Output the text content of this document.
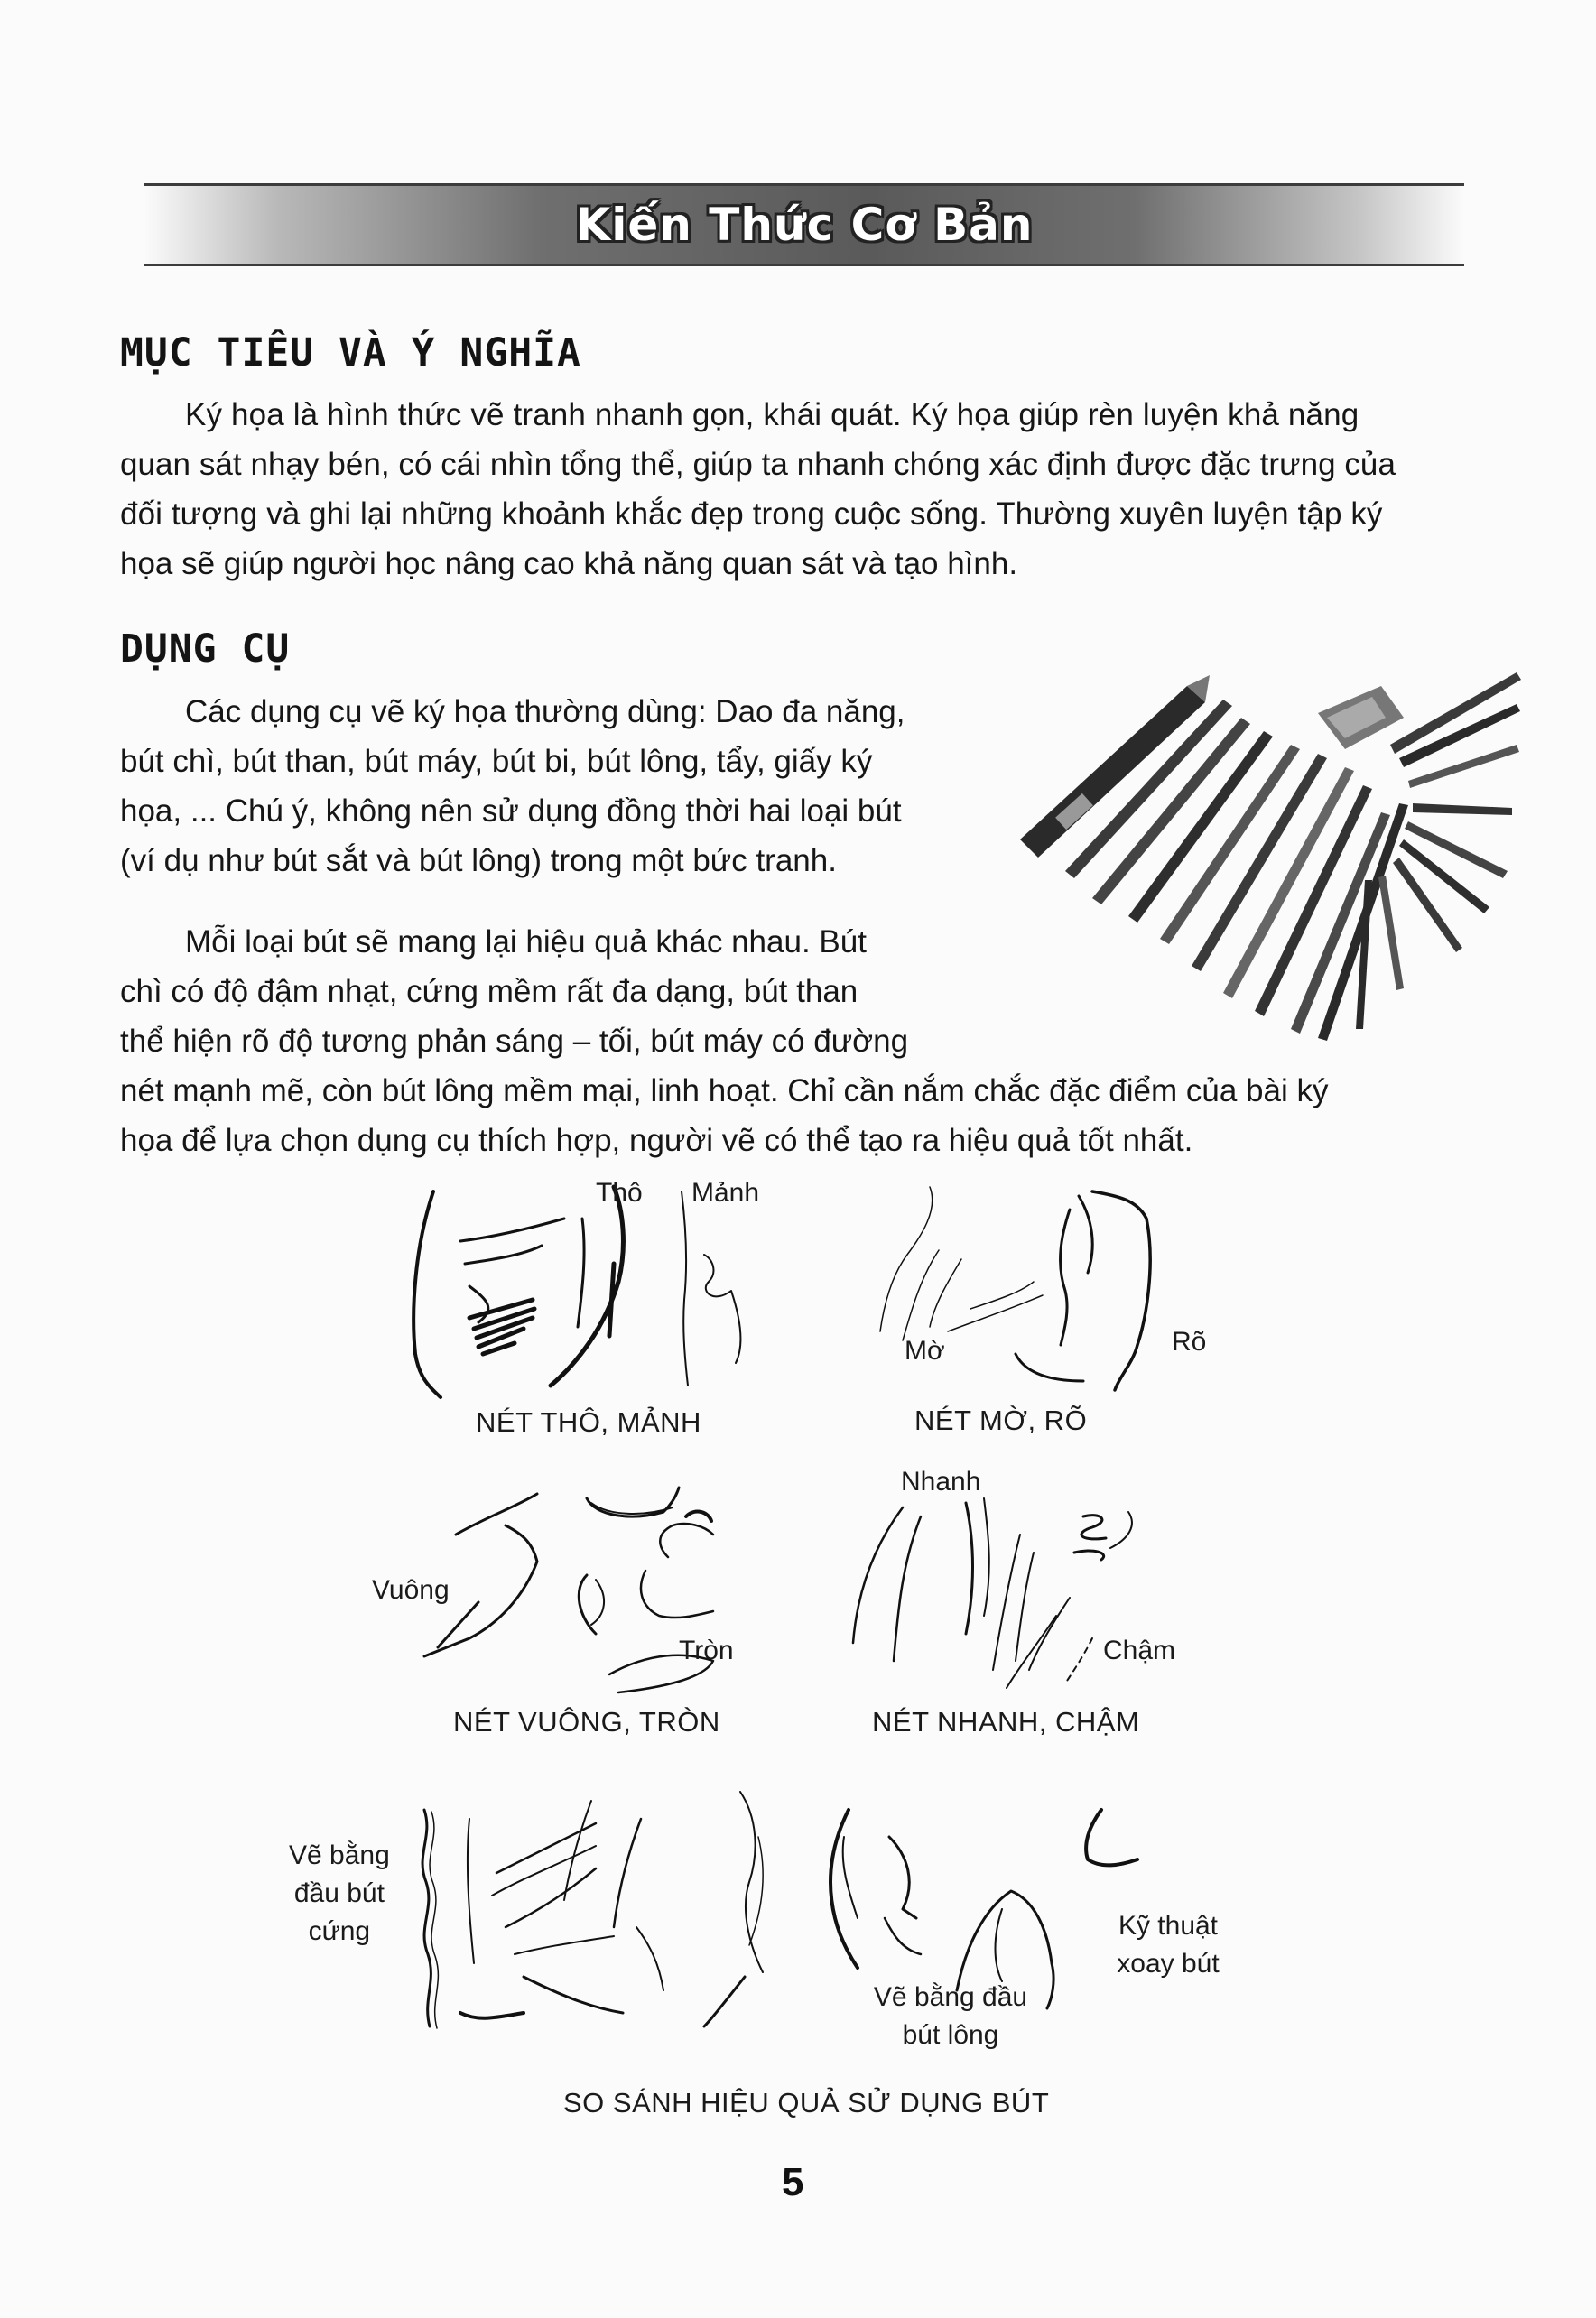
Kiến Thức Cơ Bản
MỤC TIÊU VÀ Ý NGHĨA
Ký họa là hình thức vẽ tranh nhanh gọn, khái quát. Ký họa giúp rèn luyện khả năng
quan sát nhạy bén, có cái nhìn tổng thể, giúp ta nhanh chóng xác định được đặc trưng của
đối tượng và ghi lại những khoảnh khắc đẹp trong cuộc sống. Thường xuyên luyện tập ký
họa sẽ giúp người học nâng cao khả năng quan sát và tạo hình.
DỤNG CỤ
Các dụng cụ vẽ ký họa thường dùng: Dao đa năng,
bút chì, bút than, bút máy, bút bi, bút lông, tẩy, giấy ký
họa, ... Chú ý, không nên sử dụng đồng thời hai loại bút
(ví dụ như bút sắt và bút lông) trong một bức tranh.
Mỗi loại bút sẽ mang lại hiệu quả khác nhau. Bút
chì có độ đậm nhạt, cứng mềm rất đa dạng, bút than
thể hiện rõ độ tương phản sáng – tối, bút máy có đường
nét mạnh mẽ, còn bút lông mềm mại, linh hoạt. Chỉ cần nắm chắc đặc điểm của bài ký
họa để lựa chọn dụng cụ thích hợp, người vẽ có thể tạo ra hiệu quả tốt nhất.
Thô Mảnh
NÉT THÔ, MẢNH
Mờ	Rõ
NÉT MỜ, RÕ
Vuông
Tròn
NÉT VUÔNG, TRÒN
Nhanh
Chậm
NÉT NHANH, CHẬM
Vẽ bằng
đầu bút
cứng
Vẽ bằng đầu
bút lông
Kỹ thuật
xoay bút
SO SÁNH HIỆU QUẢ SỬ DỤNG BÚT
5
